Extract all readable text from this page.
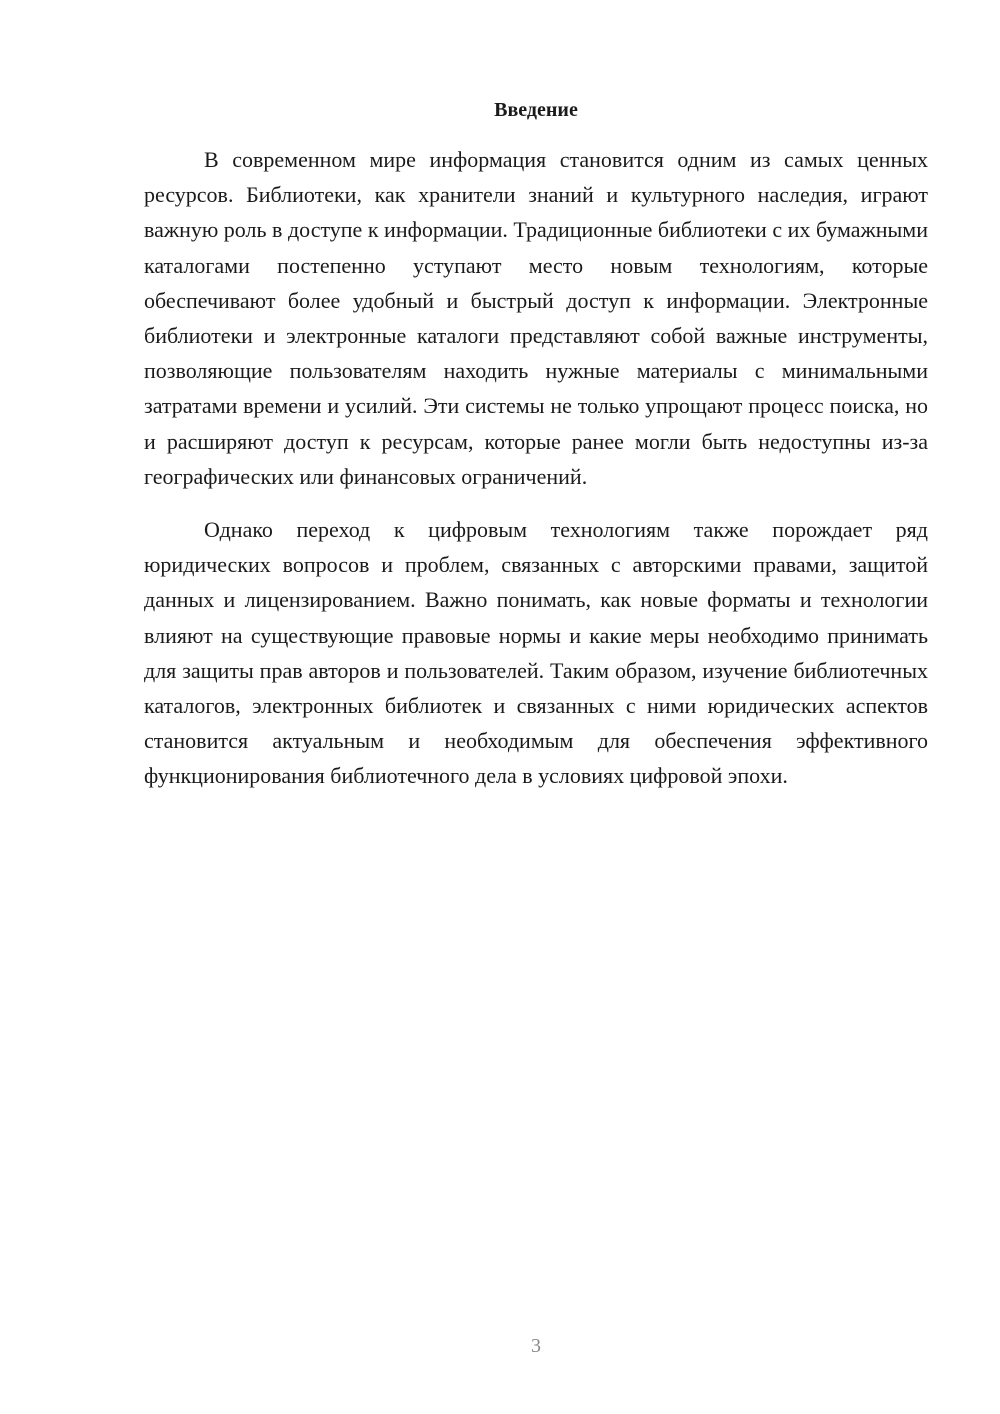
Введение

В современном мире информация становится одним из самых ценных ресурсов. Библиотеки, как хранители знаний и культурного наследия, играют важную роль в доступе к информации. Традиционные библиотеки с их бумажными каталогами постепенно уступают место новым технологиям, которые обеспечивают более удобный и быстрый доступ к информации. Электронные библиотеки и электронные каталоги представляют собой важные инструменты, позволяющие пользователям находить нужные материалы с минимальными затратами времени и усилий. Эти системы не только упрощают процесс поиска, но и расширяют доступ к ресурсам, которые ранее могли быть недоступны из-за географических или финансовых ограничений.

Однако переход к цифровым технологиям также порождает ряд юридических вопросов и проблем, связанных с авторскими правами, защитой данных и лицензированием. Важно понимать, как новые форматы и технологии влияют на существующие правовые нормы и какие меры необходимо принимать для защиты прав авторов и пользователей. Таким образом, изучение библиотечных каталогов, электронных библиотек и связанных с ними юридических аспектов становится актуальным и необходимым для обеспечения эффективного функционирования библиотечного дела в условиях цифровой эпохи.

3
